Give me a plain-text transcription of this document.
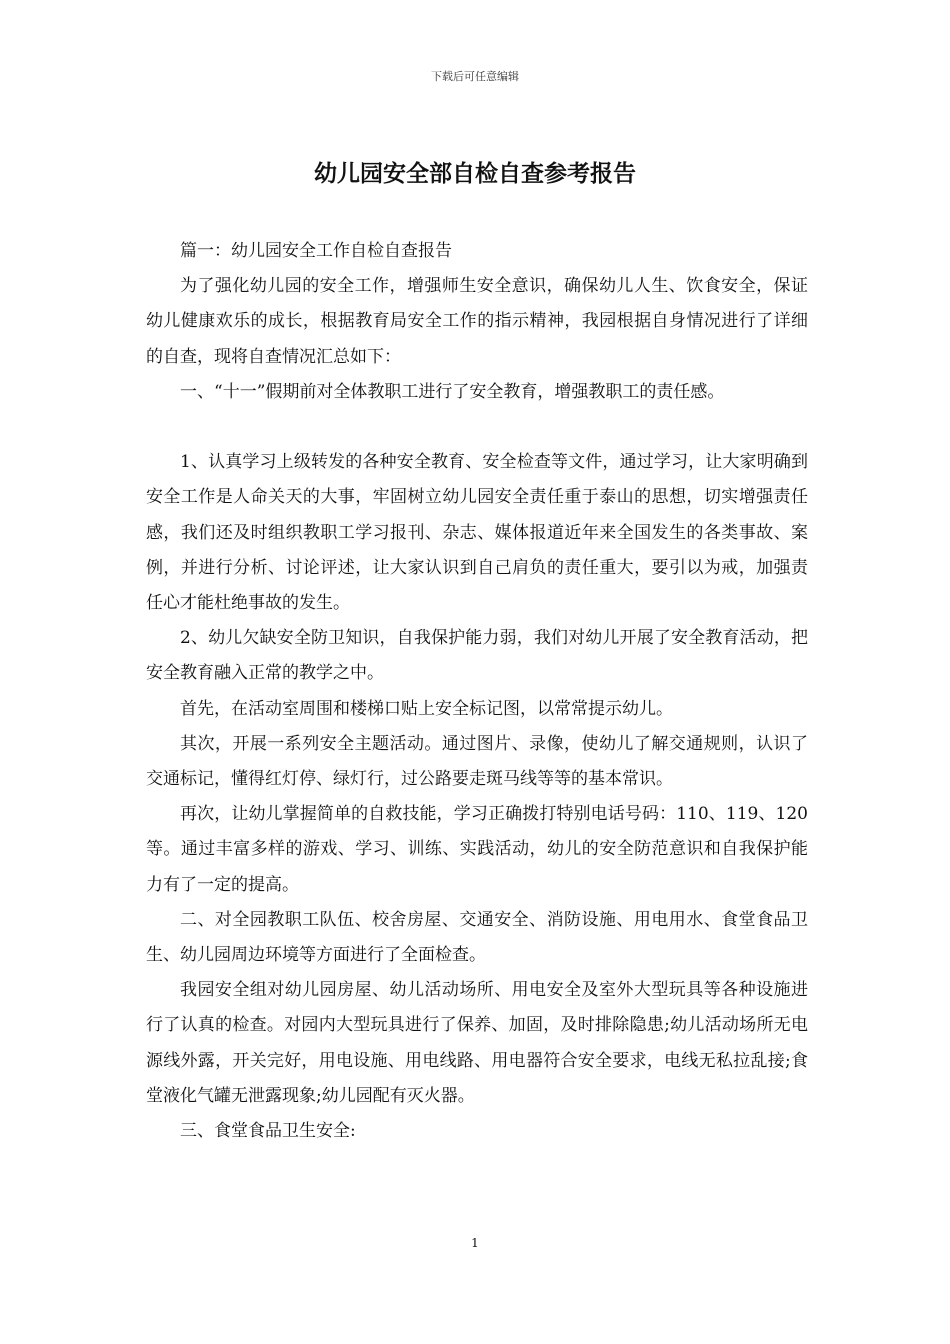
下载后可任意编辑
幼儿园安全部自检自查参考报告

篇一：幼儿园安全工作自检自查报告

为了强化幼儿园的安全工作，增强师生安全意识，确保幼儿人生、饮食安全，保证幼儿健康欢乐的成长，根据教育局安全工作的指示精神，我园根据自身情况进行了详细的自查，现将自查情况汇总如下：

一、“十一”假期前对全体教职工进行了安全教育，增强教职工的责任感。

1、认真学习上级转发的各种安全教育、安全检查等文件，通过学习，让大家明确到安全工作是人命关天的大事，牢固树立幼儿园安全责任重于泰山的思想，切实增强责任感，我们还及时组织教职工学习报刊、杂志、媒体报道近年来全国发生的各类事故、案例，并进行分析、讨论评述，让大家认识到自己肩负的责任重大，要引以为戒，加强责任心才能杜绝事故的发生。

2、幼儿欠缺安全防卫知识，自我保护能力弱，我们对幼儿开展了安全教育活动，把安全教育融入正常的教学之中。

首先，在活动室周围和楼梯口贴上安全标记图，以常常提示幼儿。

其次，开展一系列安全主题活动。通过图片、录像，使幼儿了解交通规则，认识了交通标记，懂得红灯停、绿灯行，过公路要走斑马线等等的基本常识。

再次，让幼儿掌握简单的自救技能，学习正确拨打特别电话号码：110、119、120等。通过丰富多样的游戏、学习、训练、实践活动，幼儿的安全防范意识和自我保护能力有了一定的提高。

二、对全园教职工队伍、校舍房屋、交通安全、消防设施、用电用水、食堂食品卫生、幼儿园周边环境等方面进行了全面检查。

我园安全组对幼儿园房屋、幼儿活动场所、用电安全及室外大型玩具等各种设施进行了认真的检查。对园内大型玩具进行了保养、加固，及时排除隐患;幼儿活动场所无电源线外露，开关完好，用电设施、用电线路、用电器符合安全要求，电线无私拉乱接;食堂液化气罐无泄露现象;幼儿园配有灭火器。

三、食堂食品卫生安全:

1
